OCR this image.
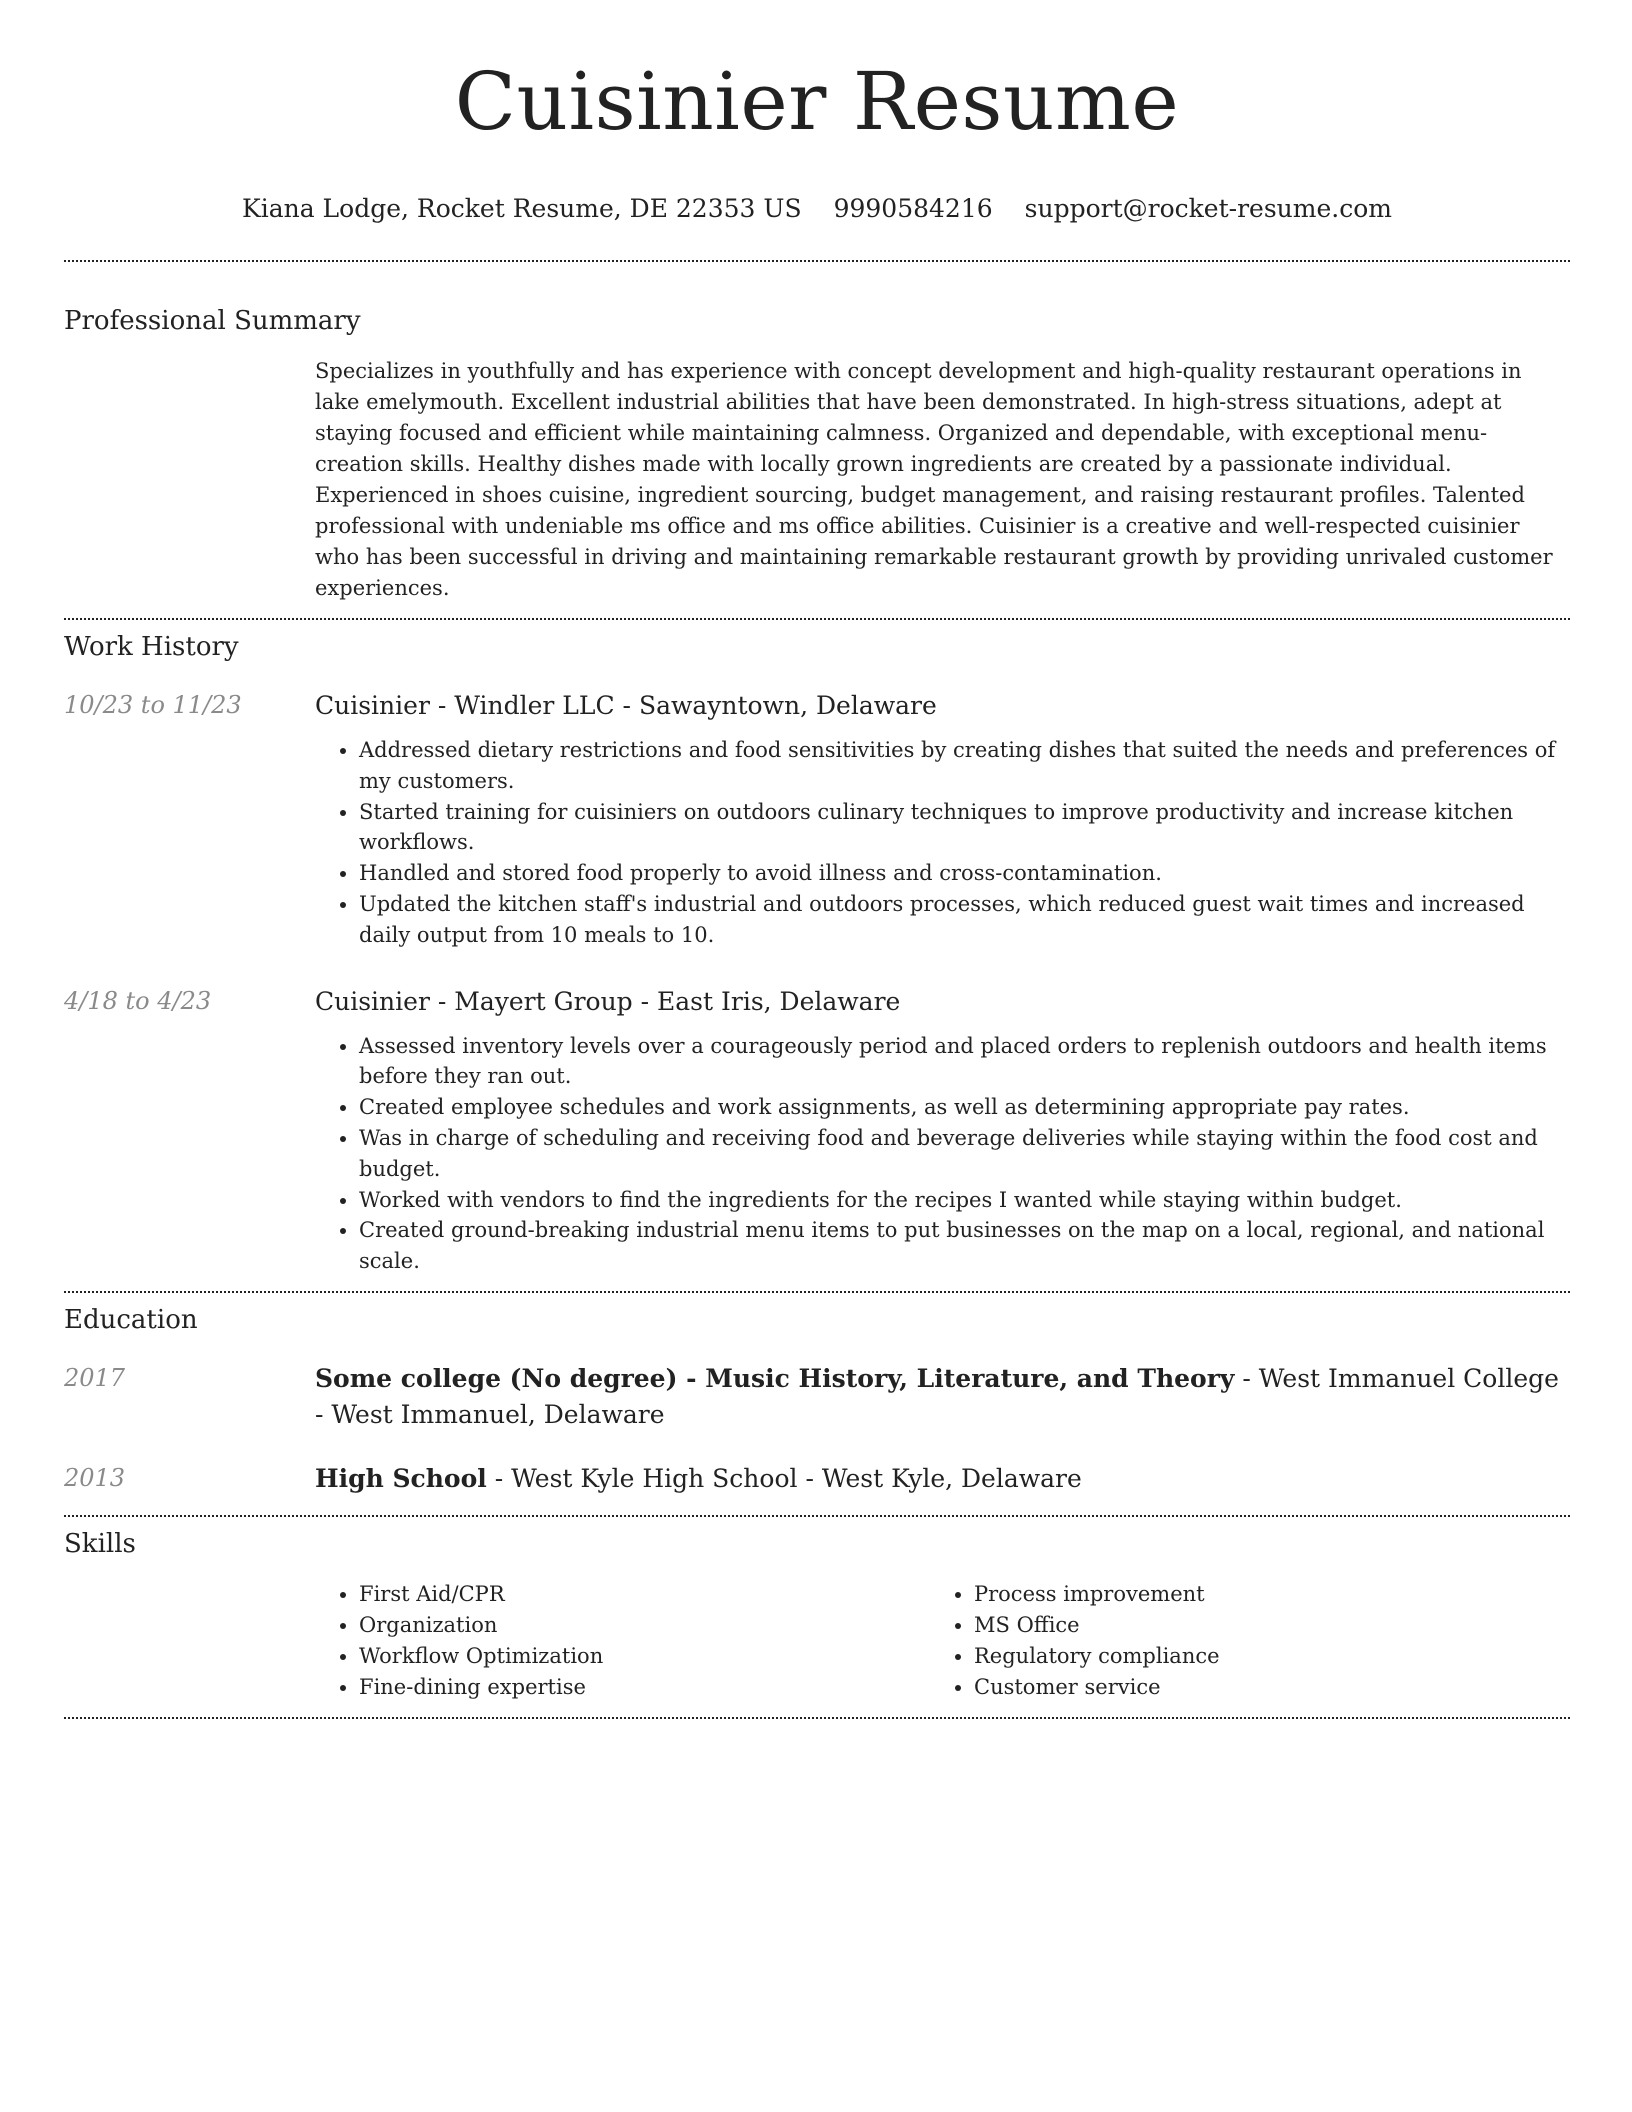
Cuisinier Resume
Kiana Lodge, Rocket Resume, DE 22353 US 9990584216 support@rocket-resume.com
Professional Summary

Specializes in youthfully and has experience with concept development and high-quality restaurant operations in lake emelymouth. Excellent industrial abilities that have been demonstrated. In high-stress situations, adept at staying focused and efficient while maintaining calmness. Organized and dependable, with exceptional menu-creation skills. Healthy dishes made with locally grown ingredients are created by a passionate individual. Experienced in shoes cuisine, ingredient sourcing, budget management, and raising restaurant profiles. Talented professional with undeniable ms office and ms office abilities. Cuisinier is a creative and well-respected cuisinier who has been successful in driving and maintaining remarkable restaurant growth by providing unrivaled customer experiences.

Work History
10/23 to 11/23	Cuisinier - Windler LLC - Sawayntown, Delaware
• Addressed dietary restrictions and food sensitivities by creating dishes that suited the needs and preferences of my customers.
• Started training for cuisiniers on outdoors culinary techniques to improve productivity and increase kitchen workflows.
• Handled and stored food properly to avoid illness and cross-contamination.
• Updated the kitchen staff's industrial and outdoors processes, which reduced guest wait times and increased daily output from 10 meals to 10.
4/18 to 4/23	Cuisinier - Mayert Group - East Iris, Delaware
• Assessed inventory levels over a courageously period and placed orders to replenish outdoors and health items before they ran out.
• Created employee schedules and work assignments, as well as determining appropriate pay rates.
• Was in charge of scheduling and receiving food and beverage deliveries while staying within the food cost and budget.
• Worked with vendors to find the ingredients for the recipes I wanted while staying within budget.
• Created ground-breaking industrial menu items to put businesses on the map on a local, regional, and national scale.
Education
2017	Some college (No degree) - Music History, Literature, and Theory - West Immanuel College - West Immanuel, Delaware
2013	High School - West Kyle High School - West Kyle, Delaware
Skills
• First Aid/CPR
• Organization
• Workflow Optimization
• Fine-dining expertise
• Process improvement
• MS Office
• Regulatory compliance
• Customer service
